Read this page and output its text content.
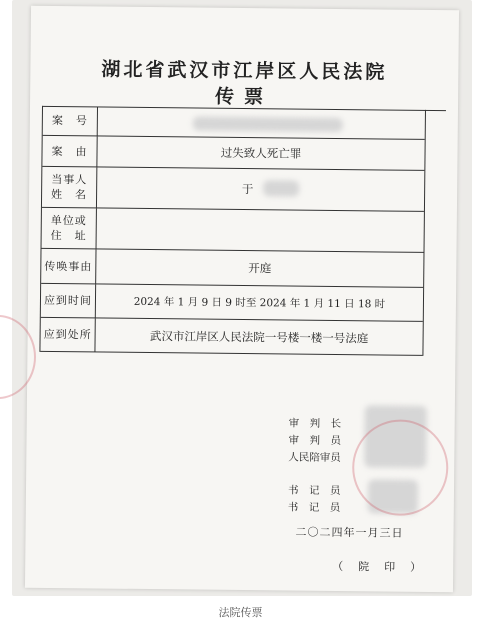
湖北省武汉市江岸区人民法院
传票
案　号
案　由	过失致人死亡罪
当事人
姓　名	于
单位或
住　址
传唤事由	开庭
应到时间	2024 年 1 月 9 日 9 时至 2024 年 1 月 11 日 18 时
应到处所	武汉市江岸区人民法院一号楼一楼一号法庭
审　判　长
审　判　员
人民陪审员
书　记　员
书　记　员
二〇二四年一月三日
（　院　印　）
法院传票
